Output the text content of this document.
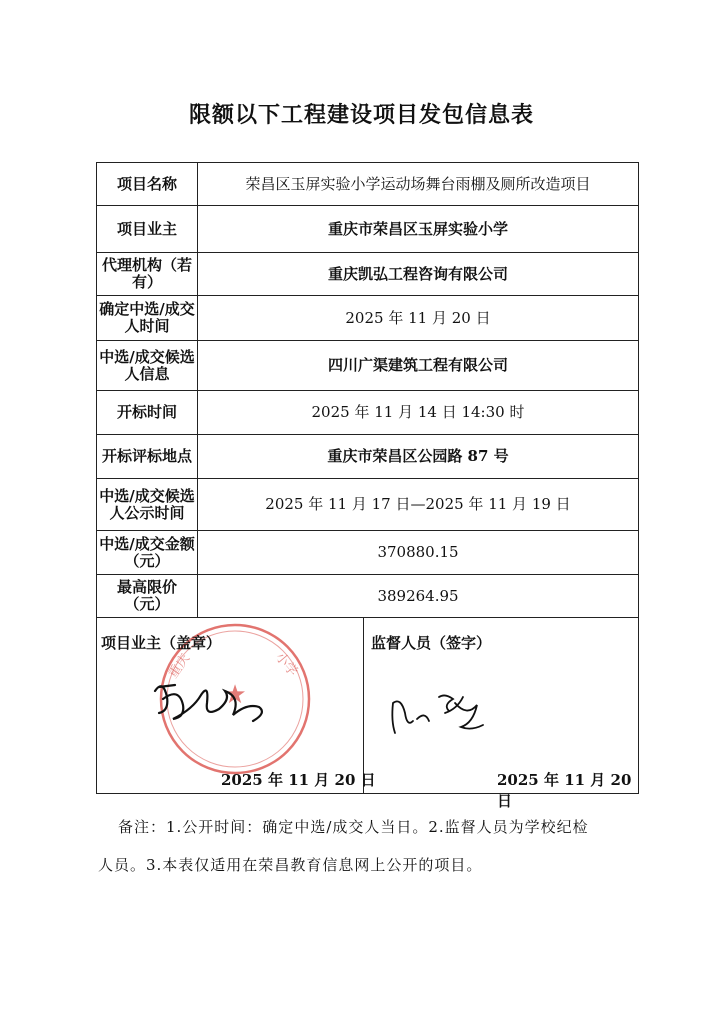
限额以下工程建设项目发包信息表
项目名称	荣昌区玉屏实验小学运动场舞台雨棚及厕所改造项目
项目业主	重庆市荣昌区玉屏实验小学
代理机构（若有）	重庆凯弘工程咨询有限公司
确定中选/成交人时间	2025 年 11 月 20 日
中选/成交候选人信息	四川广渠建筑工程有限公司
开标时间	2025 年 11 月 14 日 14:30 时
开标评标地点	重庆市荣昌区公园路 87 号
中选/成交候选人公示时间	2025 年 11 月 17 日—2025 年 11 月 19 日
中选/成交金额（元）	370880.15
最高限价（元）	389264.95
★
重庆	小学
项目业主（盖章）	监督人员（签字）
2025 年 11 月 20 日	2025 年 11 月 20 日
备注：1.公开时间：确定中选/成交人当日。2.监督人员为学校纪检
人员。3.本表仅适用在荣昌教育信息网上公开的项目。
